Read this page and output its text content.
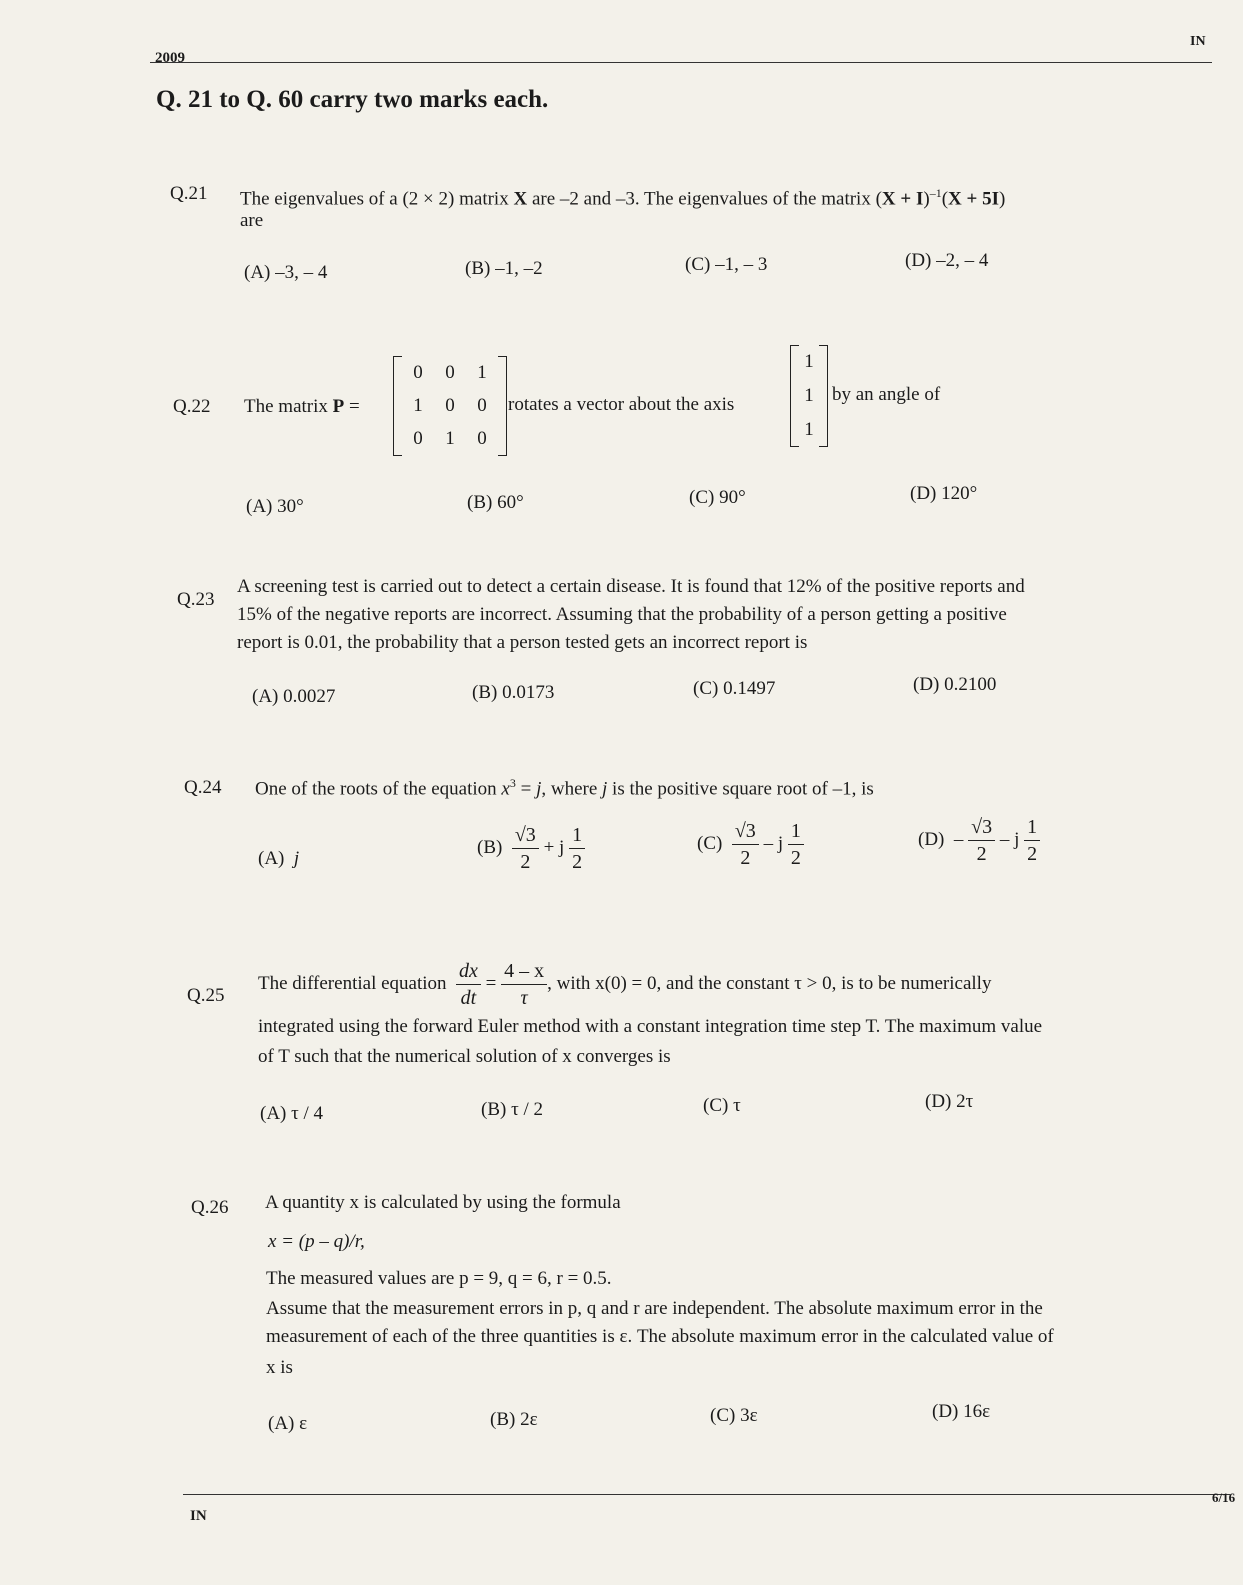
2009
IN
Q. 21 to Q. 60 carry two marks each.
Q.21 The eigenvalues of a (2 × 2) matrix X are –2 and –3. The eigenvalues of the matrix $(X + I)^{-1}(X + 5I)$
are
(A) –3, – 4	(B) –1, –2	(C) –1, – 3	(D) –2, – 4
Q.22 The matrix P =
0	0	1
1	0	0
0	1	0
rotates a vector about the axis
1
1
1
by an angle of
(A) 30°	(B) 60°	(C) 90°	(D) 120°
Q.23
A screening test is carried out to detect a certain disease. It is found that 12% of the positive reports and
15% of the negative reports are incorrect. Assuming that the probability of a person getting a positive
report is 0.01, the probability that a person tested gets an incorrect report is
(A) 0.0027	(B) 0.0173	(C) 0.1497	(D) 0.2100
Q.24 One of the roots of the equation $x^3 = j$, where j is the positive square root of –1, is
(A) j
$(B) \frac{√3}{2} + j \frac{1}{2}$	$(C) \frac{√3}{2}$ – j $\frac{1}{2}$	$(D) - \frac{√3}{2}$ – j $\frac{1}{2}$
Q.25
The differential equation $\frac{dx}{dt} = \frac{4 - x}{\tau}$ , with x(0) = 0, and the constant τ > 0, is to be numerically
integrated using the forward Euler method with a constant integration time step T. The maximum value
of T such that the numerical solution of x converges is
(A) τ / 4	(B) τ / 2	(C) τ	(D) 2τ
Q.26 A quantity x is calculated by using the formula
x = (p – q)/r,
The measured values are p = 9, q = 6, r = 0.5.
Assume that the measurement errors in p, q and r are independent. The absolute maximum error in the
measurement of each of the three quantities is ε. The absolute maximum error in the calculated value of
x is
(A) ε	(B) 2ε	(C) 3ε	(D) 16ε
IN
6/16
